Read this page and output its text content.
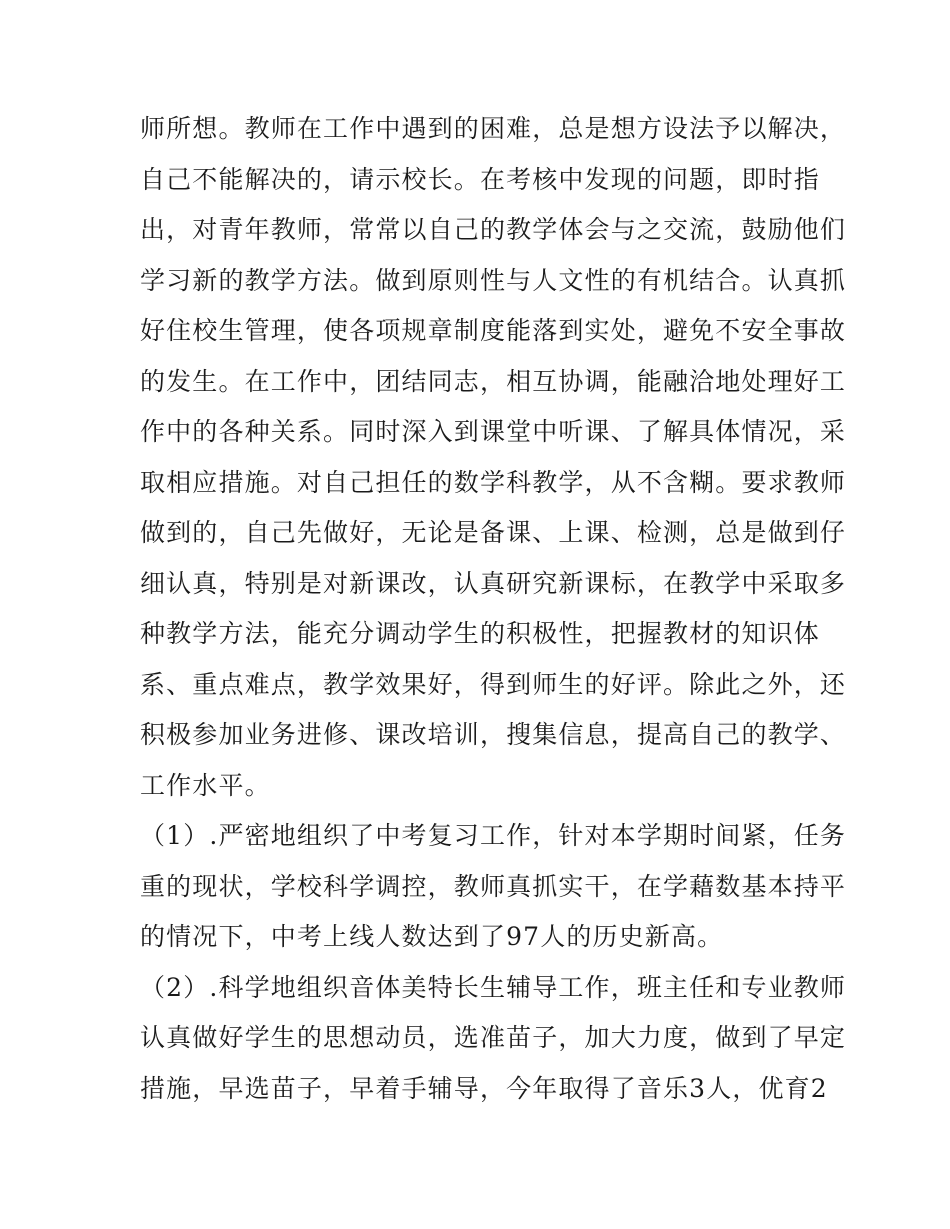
师所想。教师在工作中遇到的困难，总是想方设法予以解决，
自己不能解决的，请示校长。在考核中发现的问题，即时指
出，对青年教师，常常以自己的教学体会与之交流，鼓励他们
学习新的教学方法。做到原则性与人文性的有机结合。认真抓
好住校生管理，使各项规章制度能落到实处，避免不安全事故
的发生。在工作中，团结同志，相互协调，能融洽地处理好工
作中的各种关系。同时深入到课堂中听课、了解具体情况，采
取相应措施。对自己担任的数学科教学，从不含糊。要求教师
做到的，自己先做好，无论是备课、上课、检测，总是做到仔
细认真，特别是对新课改，认真研究新课标，在教学中采取多
种教学方法，能充分调动学生的积极性，把握教材的知识体
系、重点难点，教学效果好，得到师生的好评。除此之外，还
积极参加业务进修、课改培训，搜集信息，提高自己的教学、
工作水平。
（1）.严密地组织了中考复习工作，针对本学期时间紧，任务
重的现状，学校科学调控，教师真抓实干，在学藉数基本持平
的情况下，中考上线人数达到了97人的历史新高。
（2）.科学地组织音体美特长生辅导工作，班主任和专业教师
认真做好学生的思想动员，选准苗子，加大力度，做到了早定
措施，早选苗子，早着手辅导，今年取得了音乐3人，优育2
